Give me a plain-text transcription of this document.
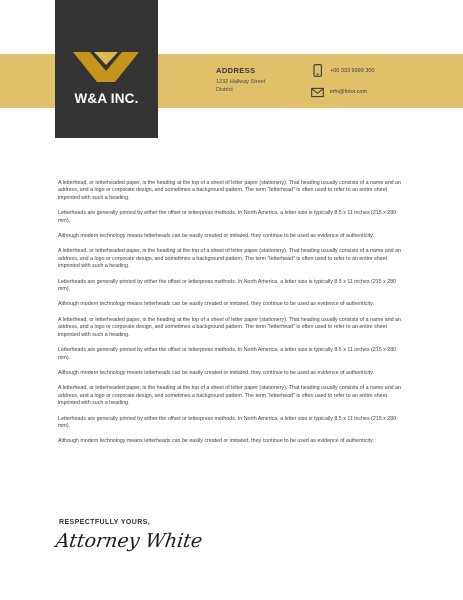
W&A INC.
ADDRESS
1232 Hallway Street
District
+00 333 9999 300
info@fotor.com

A letterhead, or letterheaded paper, is the heading at the top of a sheet of letter paper (stationery). That heading usually consists of a name and an address, and a logo or corporate design, and sometimes a background pattern. The term "letterhead" is often used to refer to an entire sheet imprinted with such a heading.

Letterheads are generally printed by either the offset or letterpress methods. In North America, a letter size is typically 8.5 x 11 inches (215 x 280 mm).

Although modern technology means letterheads can be easily created or imitated, they continue to be used as evidence of authenticity.

A letterhead, or letterheaded paper, is the heading at the top of a sheet of letter paper (stationery). That heading usually consists of a name and an address, and a logo or corporate design, and sometimes a background pattern. The term "letterhead" is often used to refer to an entire sheet imprinted with such a heading.

Letterheads are generally printed by either the offset or letterpress methods. In North America, a letter size is typically 8.5 x 11 inches (215 x 280 mm).

Although modern technology means letterheads can be easily created or imitated, they continue to be used as evidence of authenticity.

A letterhead, or letterheaded paper, is the heading at the top of a sheet of letter paper (stationery). That heading usually consists of a name and an address, and a logo or corporate design, and sometimes a background pattern. The term "letterhead" is often used to refer to an entire sheet imprinted with such a heading.

Letterheads are generally printed by either the offset or letterpress methods. In North America, a letter size is typically 8.5 x 11 inches (215 x 280 mm).

Although modern technology means letterheads can be easily created or imitated, they continue to be used as evidence of authenticity.

A letterhead, or letterheaded paper, is the heading at the top of a sheet of letter paper (stationery). That heading usually consists of a name and an address, and a logo or corporate design, and sometimes a background pattern. The term "letterhead" is often used to refer to an entire sheet imprinted with such a heading.

Letterheads are generally printed by either the offset or letterpress methods. In North America, a letter size is typically 8.5 x 11 inches (215 x 280 mm).

Although modern technology means letterheads can be easily created or imitated, they continue to be used as evidence of authenticity.

RESPECTFULLY YOURS,
Attorney White
